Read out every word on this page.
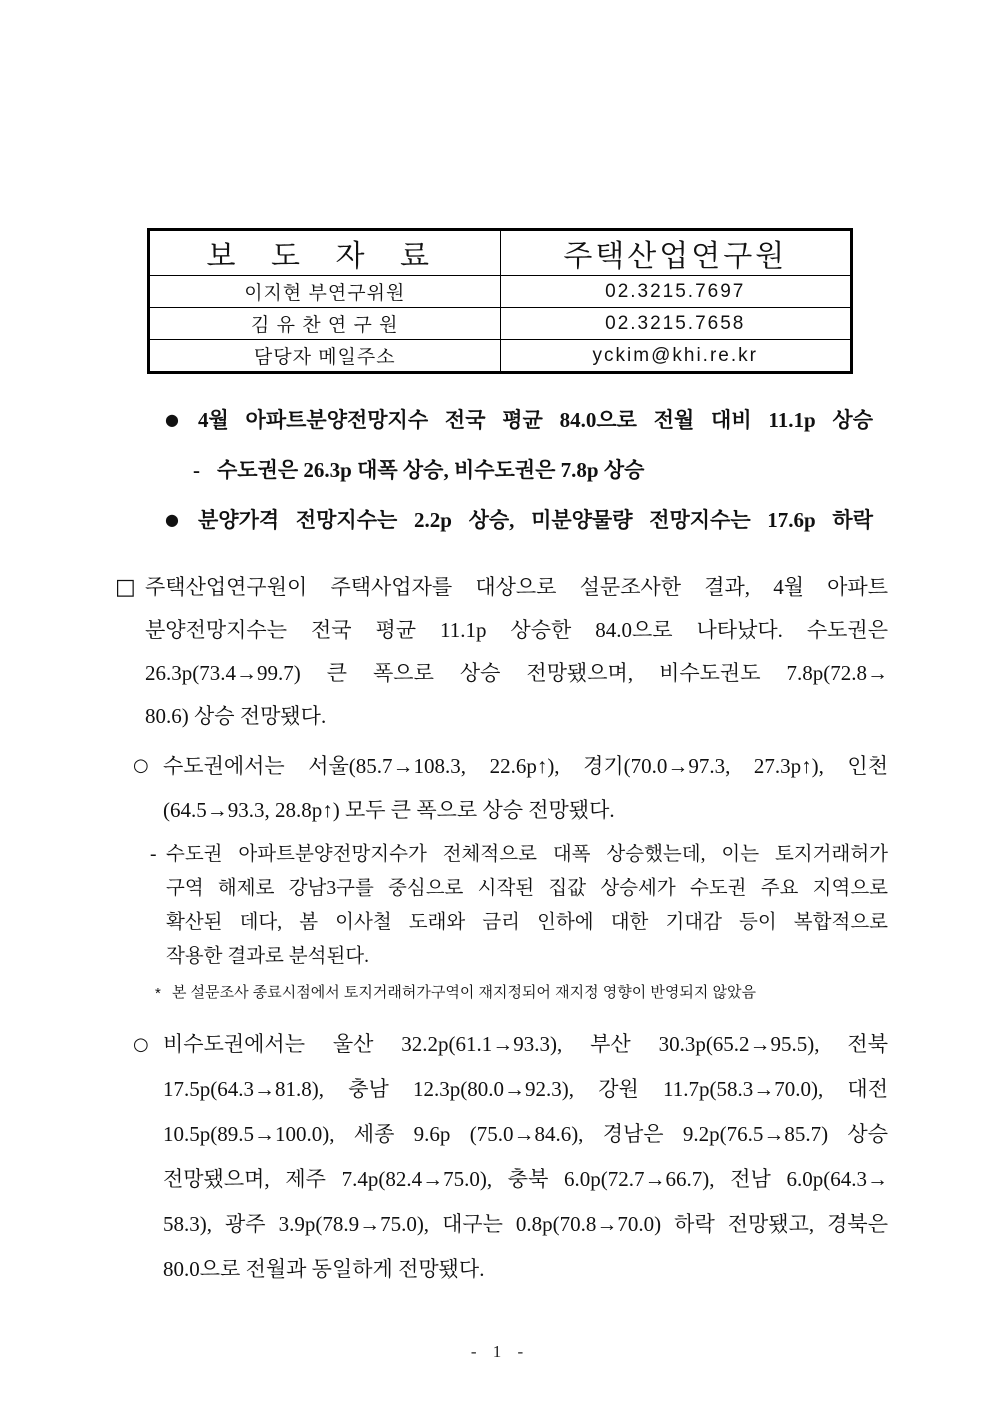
보 도 자 료	주택산업연구원
이지현 부연구위원	02.3215.7697
김 유 찬 연 구 원	02.3215.7658
담당자 메일주소	yckim@khi.re.kr
● 4월 아파트분양전망지수 전국 평균 84.0으로 전월 대비 11.1p 상승
- 수도권은 26.3p 대폭 상승, 비수도권은 7.8p 상승
● 분양가격 전망지수는 2.2p 상승, 미분양물량 전망지수는 17.6p 하락
□ 주택산업연구원이 주택사업자를 대상으로 설문조사한 결과, 4월 아파트
분양전망지수는 전국 평균 11.1p 상승한 84.0으로 나타났다. 수도권은
26.3p(73.4→99.7) 큰 폭으로 상승 전망됐으며, 비수도권도 7.8p(72.8→
80.6) 상승 전망됐다.
○ 수도권에서는 서울(85.7→108.3, 22.6p↑), 경기(70.0→97.3, 27.3p↑), 인천
(64.5→93.3, 28.8p↑) 모두 큰 폭으로 상승 전망됐다.
- 수도권 아파트분양전망지수가 전체적으로 대폭 상승했는데, 이는 토지거래허가
구역 해제로 강남3구를 중심으로 시작된 집값 상승세가 수도권 주요 지역으로
확산된 데다, 봄 이사철 도래와 금리 인하에 대한 기대감 등이 복합적으로
작용한 결과로 분석된다.
* 본 설문조사 종료시점에서 토지거래허가구역이 재지정되어 재지정 영향이 반영되지 않았음
○ 비수도권에서는 울산 32.2p(61.1→93.3), 부산 30.3p(65.2→95.5), 전북
17.5p(64.3→81.8), 충남 12.3p(80.0→92.3), 강원 11.7p(58.3→70.0), 대전
10.5p(89.5→100.0), 세종 9.6p (75.0→84.6), 경남은 9.2p(76.5→85.7) 상승
전망됐으며, 제주 7.4p(82.4→75.0), 충북 6.0p(72.7→66.7), 전남 6.0p(64.3→
58.3), 광주 3.9p(78.9→75.0), 대구는 0.8p(70.8→70.0) 하락 전망됐고, 경북은
80.0으로 전월과 동일하게 전망됐다.
- 1 -
